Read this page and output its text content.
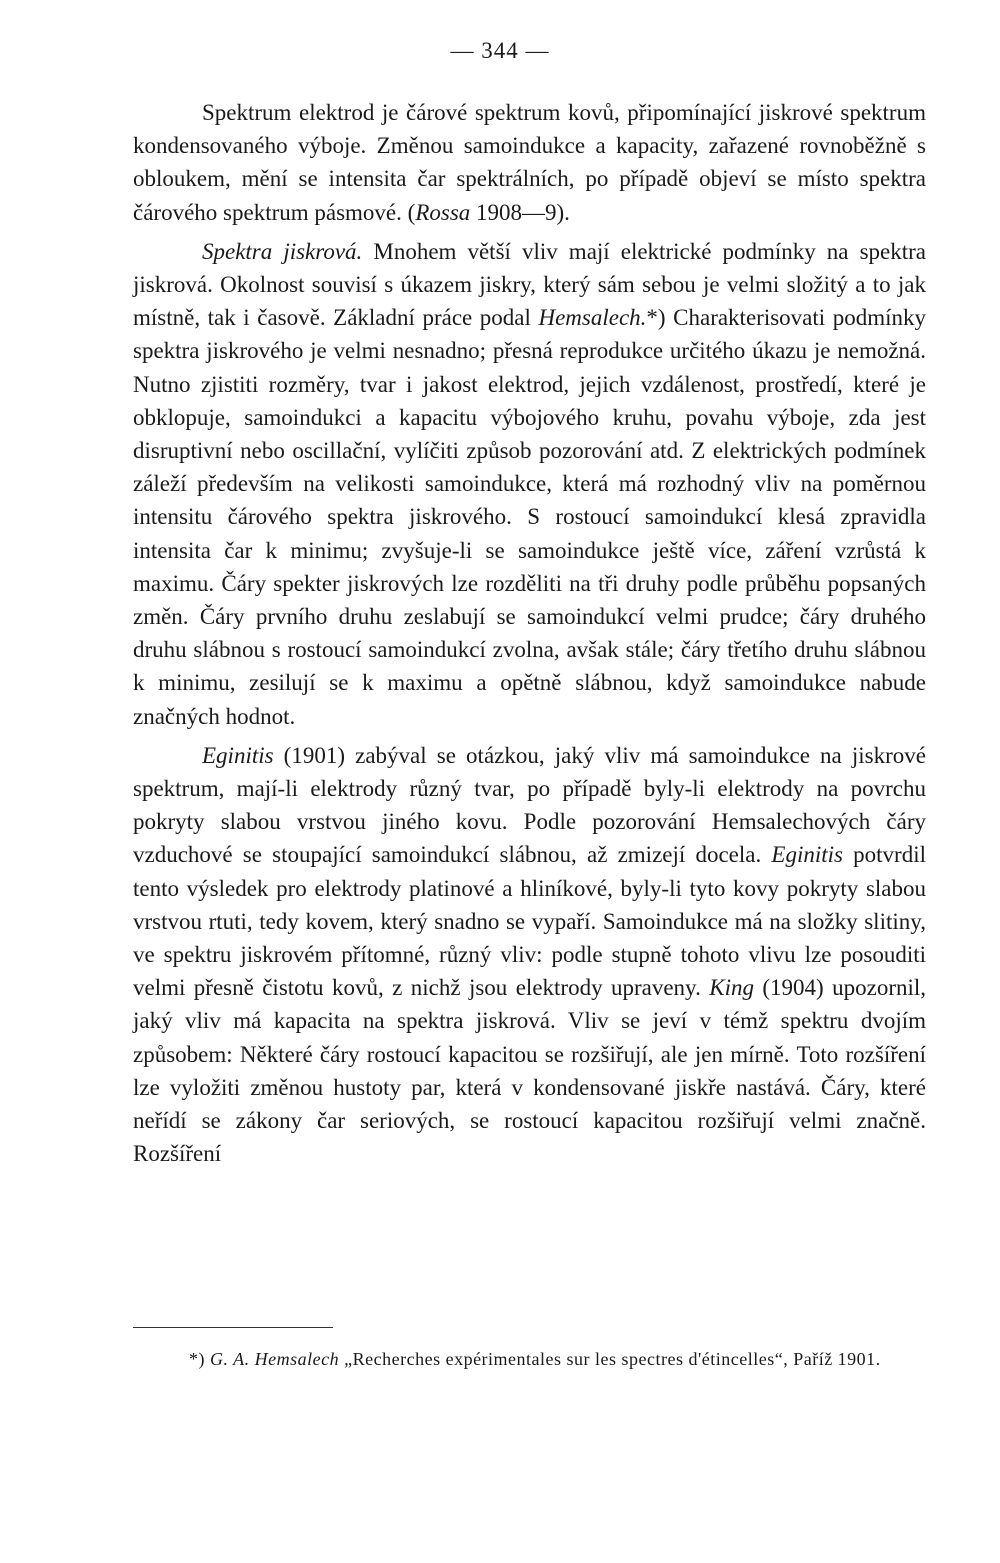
— 344 —

Spektrum elektrod je čárové spektrum kovů, připomínající jiskrové spektrum kondensovaného výboje. Změnou samoindukce a kapacity, zařazené rovnoběžně s obloukem, mění se intensita čar spektrálních, po případě objeví se místo spektra čárového spektrum pásmové. (Rossa 1908—9).

Spektra jiskrová. Mnohem větší vliv mají elektrické podmínky na spektra jiskrová. Okolnost souvisí s úkazem jiskry, který sám sebou je velmi složitý a to jak místně, tak i časově. Základní práce podal Hemsalech.*) Charakterisovati podmínky spektra jiskrového je velmi nesnadno; přesná reprodukce určitého úkazu je nemožná. Nutno zjistiti rozměry, tvar i jakost elektrod, jejich vzdálenost, prostředí, které je obklopuje, samoindukci a kapacitu výbojového kruhu, povahu výboje, zda jest disruptivní nebo oscillační, vylíčiti způsob pozorování atd. Z elektrických podmínek záleží především na velikosti samoindukce, která má rozhodný vliv na poměrnou intensitu čárového spektra jiskrového. S rostoucí samoindukcí klesá zpravidla intensita čar k minimu; zvyšuje-li se samoindukce ještě více, záření vzrůstá k maximu. Čáry spekter jiskrových lze rozděliti na tři druhy podle průběhu popsaných změn. Čáry prvního druhu zeslabují se samoindukcí velmi prudce; čáry druhého druhu slábnou s rostoucí samoindukcí zvolna, avšak stále; čáry třetího druhu slábnou k minimu, zesilují se k maximu a opětně slábnou, když samoindukce nabude značných hodnot.

Eginitis (1901) zabýval se otázkou, jaký vliv má samoindukce na jiskrové spektrum, mají-li elektrody různý tvar, po případě byly-li elektrody na povrchu pokryty slabou vrstvou jiného kovu. Podle pozorování Hemsalechových čáry vzduchové se stoupající samoindukcí slábnou, až zmizejí docela. Eginitis potvrdil tento výsledek pro elektrody platinové a hliníkové, byly-li tyto kovy pokryty slabou vrstvou rtuti, tedy kovem, který snadno se vypaří. Samoindukce má na složky slitiny, ve spektru jiskrovém přítomné, různý vliv: podle stupně tohoto vlivu lze posouditi velmi přesně čistotu kovů, z nichž jsou elektrody upraveny. King (1904) upozornil, jaký vliv má kapacita na spektra jiskrová. Vliv se jeví v témž spektru dvojím způsobem: Některé čáry rostoucí kapacitou se rozšiřují, ale jen mírně. Toto rozšíření lze vyložiti změnou hustoty par, která v kondensované jiskře nastává. Čáry, které neřídí se zákony čar seriových, se rostoucí kapacitou rozšiřují velmi značně. Rozšíření

*) G. A. Hemsalech „Recherches expérimentales sur les spectres d'étincelles“, Paříž 1901.
